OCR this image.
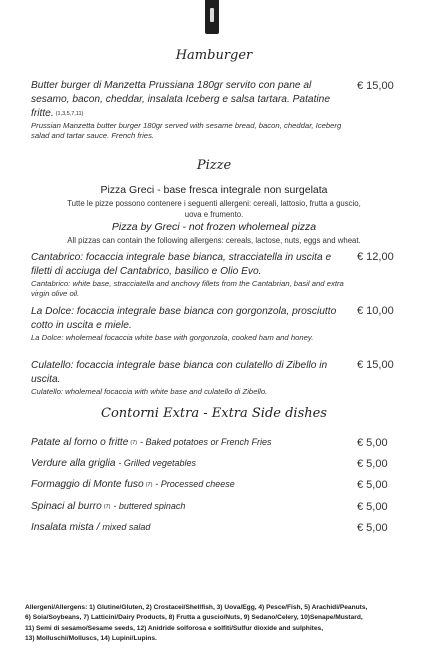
Hamburger
Butter burger di Manzetta Prussiana 180gr servito con pane al sesamo, bacon, cheddar, insalata Iceberg e salsa tartara. Patatine fritte. (1,3,5,7,11)
Prussian Manzetta butter burger 180gr served with sesame bread, bacon, cheddar, Iceberg salad and tartar sauce. French fries.
€ 15,00
Pizze
Pizza Greci - base fresca integrale non surgelata
Tutte le pizze possono contenere i seguenti allergeni: cereali, lattosio, frutta a guscio, uova e frumento.
Pizza by Greci - not frozen wholemeal pizza
All pizzas can contain the following allergens: cereals, lactose, nuts, eggs and wheat.
Cantabrico: focaccia integrale base bianca, stracciatella in uscita e filetti di acciuga del Cantabrico, basilico e Olio Evo.
Cantabrico: white base, stracciatella and anchovy fillets from the Cantabrian, basil and extra virgin olive oil.
€ 12,00
La Dolce: focaccia integrale base bianca con gorgonzola, prosciutto cotto in uscita e miele.
La Dolce: wholemeal focaccia white base with gorgonzola, cooked ham and honey.
€ 10,00
Culatello: focaccia integrale base bianca con culatello di Zibello in uscita.
Culatello: wholemeal focaccia with white base and culatello di Zibello.
€ 15,00
Contorni Extra - Extra Side dishes
Patate al forno o fritte (7) - Baked potatoes or French Fries	€ 5,00
Verdure alla griglia - Grilled vegetables	€ 5,00
Formaggio di Monte fuso (7) - Processed cheese	€ 5,00
Spinaci al burro (7) - buttered spinach	€ 5,00
Insalata mista / mixed salad	€ 5,00
Allergeni/Allergens: 1) Glutine/Gluten, 2) Crostacei/Shellfish, 3) Uova/Egg, 4) Pesce/Fish, 5) Arachidi/Peanuts,
6) Soia/Soybeans, 7) Latticini/Dairy Products, 8) Frutta a guscio/Nuts, 9) Sedano/Celery, 10)Senape/Mustard,
11) Semi di sesamo/Sesame seeds, 12) Anidride solforosa e solfiti/Sulfur dioxide and sulphites,
13) Molluschi/Molluscs, 14) Lupini/Lupins.
